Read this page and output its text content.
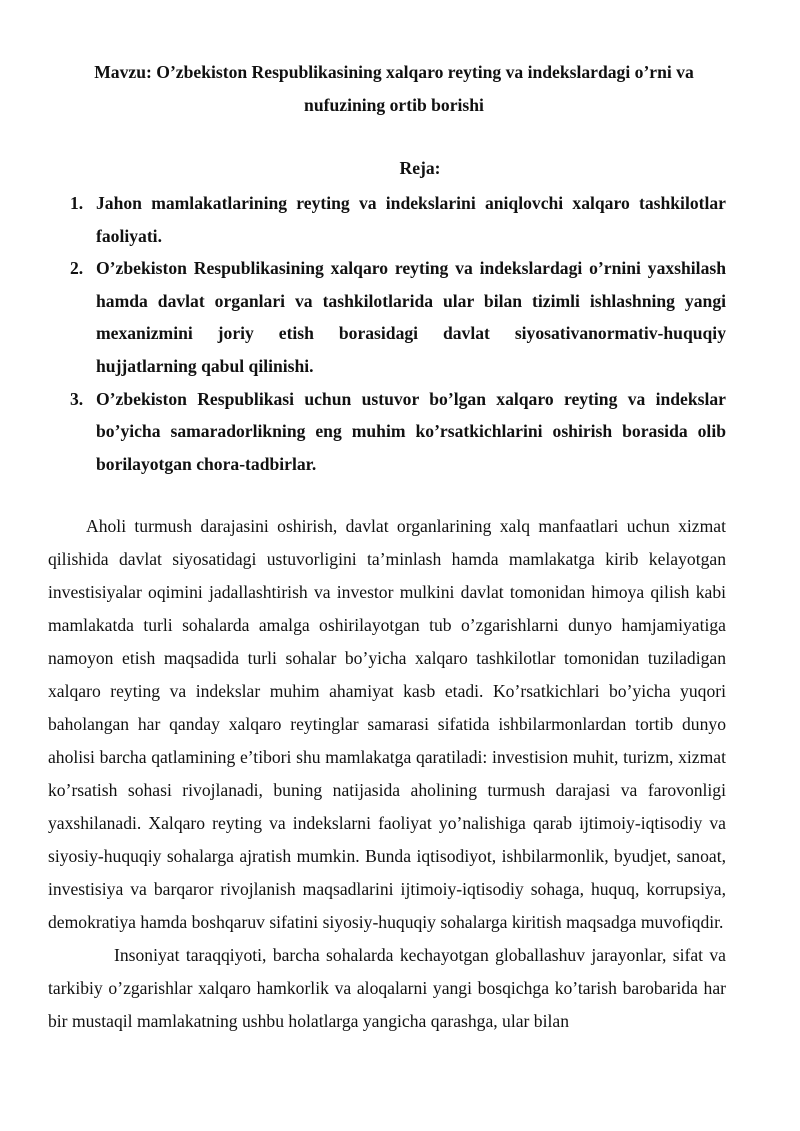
Mavzu: O’zbekiston Respublikasining xalqaro reyting va indekslardagi o’rni va nufuzining ortib borishi
Reja:
1. Jahon mamlakatlarining reyting va indekslarini aniqlovchi xalqaro tashkilotlar faoliyati.
2. O’zbekiston Respublikasining xalqaro reyting va indekslardagi o’rnini yaxshilash hamda davlat organlari va tashkilotlarida ular bilan tizimli ishlashning yangi mexanizmini joriy etish borasidagi davlat siyosativanormativ-huquqiy hujjatlarning qabul qilinishi.
3. O’zbekiston Respublikasi uchun ustuvor bo’lgan xalqaro reyting va indekslar bo’yicha samaradorlikning eng muhim ko’rsatkichlarini oshirish borasida olib borilayotgan chora-tadbirlar.

Aholi turmush darajasini oshirish, davlat organlarining xalq manfaatlari uchun xizmat qilishida davlat siyosatidagi ustuvorligini ta’minlash hamda mamlakatga kirib kelayotgan investisiyalar oqimini jadallashtirish va investor mulkini davlat tomonidan himoya qilish kabi mamlakatda turli sohalarda amalga oshirilayotgan tub o’zgarishlarni dunyo hamjamiyatiga namoyon etish maqsadida turli sohalar bo’yicha xalqaro tashkilotlar tomonidan tuziladigan xalqaro reyting va indekslar muhim ahamiyat kasb etadi. Ko’rsatkichlari bo’yicha yuqori baholangan har qanday xalqaro reytinglar samarasi sifatida ishbilarmonlardan tortib dunyo aholisi barcha qatlamining e’tibori shu mamlakatga qaratiladi: investision muhit, turizm, xizmat ko’rsatish sohasi rivojlanadi, buning natijasida aholining turmush darajasi va farovonligi yaxshilanadi. Xalqaro reyting va indekslarni faoliyat yo’nalishiga qarab ijtimoiy-iqtisodiy va siyosiy-huquqiy sohalarga ajratish mumkin. Bunda iqtisodiyot, ishbilarmonlik, byudjet, sanoat, investisiya va barqaror rivojlanish maqsadlarini ijtimoiy-iqtisodiy sohaga, huquq, korrupsiya, demokratiya hamda boshqaruv sifatini siyosiy-huquqiy sohalarga kiritish maqsadga muvofiqdir.

Insoniyat taraqqiyoti, barcha sohalarda kechayotgan globallashuv jarayonlar, sifat va tarkibiy o’zgarishlar xalqaro hamkorlik va aloqalarni yangi bosqichga ko’tarish barobarida har bir mustaqil mamlakatning ushbu holatlarga yangicha qarashga, ular bilan
